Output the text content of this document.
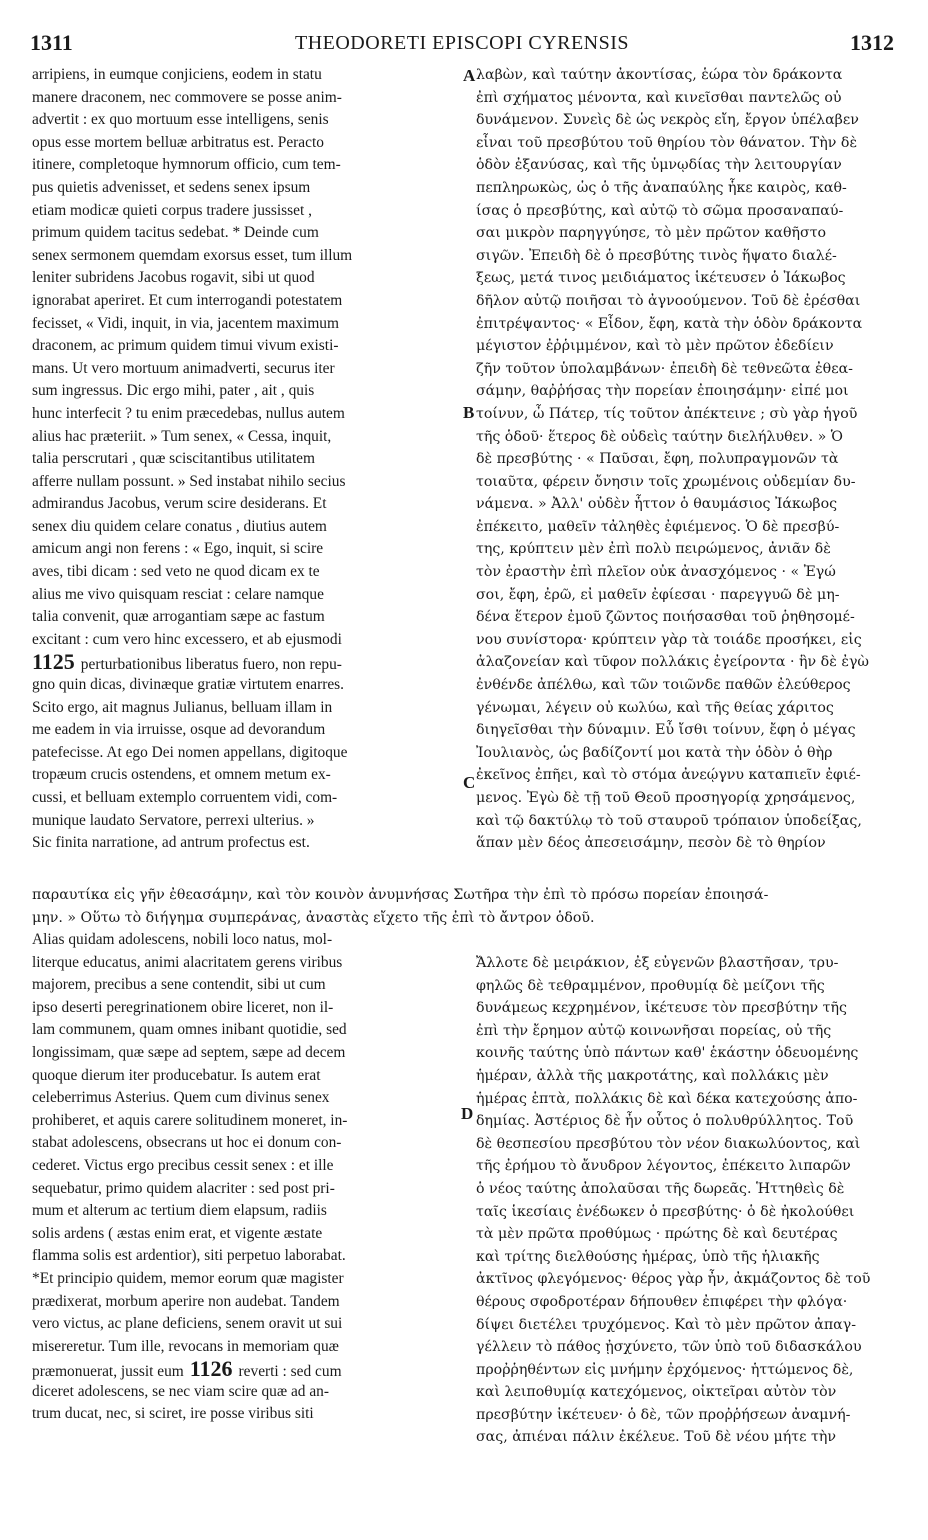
1311	THEODORETI EPISCOPI CYRENSIS	1312
A
B
C
D
arripiens, in eumque conjiciens, eodem in statu
manere draconem, nec commovere se posse anim-
advertit : ex quo mortuum esse intelligens, senis
opus esse mortem belluæ arbitratus est. Peracto
itinere, completoque hymnorum officio, cum tem-
pus quietis advenisset, et sedens senex ipsum
etiam modicæ quieti corpus tradere jussisset ,
primum quidem tacitus sedebat. * Deinde cum
senex sermonem quemdam exorsus esset, tum illum
leniter subridens Jacobus rogavit, sibi ut quod
ignorabat aperiret. Et cum interrogandi potestatem
fecisset, « Vidi, inquit, in via, jacentem maximum
draconem, ac primum quidem timui vivum existi-
mans. Ut vero mortuum animadverti, securus iter
sum ingressus. Dic ergo mihi, pater , ait , quis
hunc interfecit ? tu enim præcedebas, nullus autem
alius hac præteriit. » Tum senex, « Cessa, inquit,
talia perscrutari , quæ sciscitantibus utilitatem
afferre nullam possunt. » Sed instabat nihilo secius
admirandus Jacobus, verum scire desiderans. Et
senex diu quidem celare conatus , diutius autem
amicum angi non ferens : « Ego, inquit, si scire
aves, tibi dicam : sed veto ne quod dicam ex te
alius me vivo quisquam resciat : celare namque
talia convenit, quæ arrogantiam sæpe ac fastum
excitant : cum vero hinc excessero, et ab ejusmodi
1125 perturbationibus liberatus fuero, non repu-
gno quin dicas, divinæque gratiæ virtutem enarres.
Scito ergo, ait magnus Julianus, belluam illam in
me eadem in via irruisse, osque ad devorandum
patefecisse. At ego Dei nomen appellans, digitoque
tropæum crucis ostendens, et omnem metum ex-
cussi, et belluam extemplo corruentem vidi, com-
munique laudato Servatore, perrexi ulterius. »
Sic finita narratione, ad antrum profectus est.
λαβὼν, καὶ ταύτην ἀκοντίσας, ἑώρα τὸν δράκοντα
ἐπὶ σχήματος μένοντα, καὶ κινεῖσθαι παντελῶς οὐ
δυνάμενον. Συνεὶς δὲ ὡς νεκρὸς εἴη, ἔργον ὑπέλαβεν
εἶναι τοῦ πρεσβύτου τοῦ θηρίου τὸν θάνατον. Τὴν δὲ
ὁδὸν ἐξανύσας, καὶ τῆς ὑμνῳδίας τὴν λειτουργίαν
πεπληρωκὼς, ὡς ὁ τῆς ἀναπαύλης ἧκε καιρὸς, καθ-
ίσας ὁ πρεσβύτης, καὶ αὐτῷ τὸ σῶμα προσαναπαύ-
σαι μικρὸν παρηγγύησε, τὸ μὲν πρῶτον καθῆστο
σιγῶν. Ἐπειδὴ δὲ ὁ πρεσβύτης τινὸς ἥψατο διαλέ-
ξεως, μετά τινος μειδιάματος ἱκέτευσεν ὁ Ἰάκωβος
δῆλον αὐτῷ ποιῆσαι τὸ ἀγνοούμενον. Τοῦ δὲ ἐρέσθαι
ἐπιτρέψαντος· « Εἶδον, ἔφη, κατὰ τὴν ὁδὸν δράκοντα
μέγιστον ἐῤῥιμμένον, καὶ τὸ μὲν πρῶτον ἐδεδίειν
ζῆν τοῦτον ὑπολαμβάνων· ἐπειδὴ δὲ τεθνεῶτα ἐθεα-
σάμην, θαῤῥήσας τὴν πορείαν ἐποιησάμην· εἰπέ μοι
τοίνυν, ὦ Πάτερ, τίς τοῦτον ἀπέκτεινε ; σὺ γὰρ ἡγοῦ
τῆς ὁδοῦ· ἕτερος δὲ οὐδεὶς ταύτην διελήλυθεν. » Ὁ
δὲ πρεσβύτης · « Παῦσαι, ἔφη, πολυπραγμονῶν τὰ
τοιαῦτα, φέρειν ὄνησιν τοῖς χρωμένοις οὐδεμίαν δυ-
νάμενα. » Ἀλλ' οὐδὲν ἧττον ὁ θαυμάσιος Ἰάκωβος
ἐπέκειτο, μαθεῖν τἀληθὲς ἐφιέμενος. Ὁ δὲ πρεσβύ-
της, κρύπτειν μὲν ἐπὶ πολὺ πειρώμενος, ἀνιᾶν δὲ
τὸν ἐραστὴν ἐπὶ πλεῖον οὐκ ἀνασχόμενος · « Ἐγώ
σοι, ἔφη, ἐρῶ, εἰ μαθεῖν ἐφίεσαι · παρεγγυῶ δὲ μη-
δένα ἕτερον ἐμοῦ ζῶντος ποιήσασθαι τοῦ ῥηθησομέ-
νου συνίστορα· κρύπτειν γὰρ τὰ τοιάδε προσήκει, εἰς
ἀλαζονείαν καὶ τῦφον πολλάκις ἐγείροντα · ἣν δὲ ἐγὼ
ἐνθένδε ἀπέλθω, καὶ τῶν τοιῶνδε παθῶν ἐλεύθερος
γένωμαι, λέγειν οὐ κωλύω, καὶ τῆς θείας χάριτος
διηγεῖσθαι τὴν δύναμιν. Εὖ ἴσθι τοίνυν, ἔφη ὁ μέγας
Ἰουλιανὸς, ὡς βαδίζοντί μοι κατὰ τὴν ὁδὸν ὁ θὴρ
ἐκεῖνος ἐπῆει, καὶ τὸ στόμα ἀνεῴγνυ καταπιεῖν ἐφιέ-
μενος. Ἐγὼ δὲ τῇ τοῦ Θεοῦ προσηγορίᾳ χρησάμενος,
καὶ τῷ δακτύλῳ τὸ τοῦ σταυροῦ τρόπαιον ὑποδείξας,
ἅπαν μὲν δέος ἀπεσεισάμην, πεσὸν δὲ τὸ θηρίον
παραυτίκα εἰς γῆν ἐθεασάμην, καὶ τὸν κοινὸν ἀνυμνήσας Σωτῆρα τὴν ἐπὶ τὸ πρόσω πορείαν ἐποιησά-
μην. » Οὕτω τὸ διήγημα συμπεράνας, ἀναστὰς εἴχετο τῆς ἐπὶ τὸ ἄντρον ὁδοῦ.
Alias quidam adolescens, nobili loco natus, mol-
literque educatus, animi alacritatem gerens viribus
majorem, precibus a sene contendit, sibi ut cum
ipso deserti peregrinationem obire liceret, non il-
lam communem, quam omnes inibant quotidie, sed
longissimam, quæ sæpe ad septem, sæpe ad decem
quoque dierum iter producebatur. Is autem erat
celeberrimus Asterius. Quem cum divinus senex
prohiberet, et aquis carere solitudinem moneret, in-
stabat adolescens, obsecrans ut hoc ei donum con-
cederet. Victus ergo precibus cessit senex : et ille
sequebatur, primo quidem alacriter : sed post pri-
mum et alterum ac tertium diem elapsum, radiis
solis ardens ( æstas enim erat, et vigente æstate
flamma solis est ardentior), siti perpetuo laborabat.
*Et principio quidem, memor eorum quæ magister
prædixerat, morbum aperire non audebat. Tandem
vero victus, ac plane deficiens, senem oravit ut sui
misereretur. Tum ille, revocans in memoriam quæ
præmonuerat, jussit eum 1126 reverti : sed cum
diceret adolescens, se nec viam scire quæ ad an-
trum ducat, nec, si sciret, ire posse viribus siti
Ἄλλοτε δὲ μειράκιον, ἐξ εὐγενῶν βλαστῆσαν, τρυ-
φηλῶς δὲ τεθραμμένον, προθυμίᾳ δὲ μείζονι τῆς
δυνάμεως κεχρημένον, ἱκέτευσε τὸν πρεσβύτην τῆς
ἐπὶ τὴν ἔρημον αὐτῷ κοινωνῆσαι πορείας, οὐ τῆς
κοινῆς ταύτης ὑπὸ πάντων καθ' ἑκάστην ὁδευομένης
ἡμέραν, ἀλλὰ τῆς μακροτάτης, καὶ πολλάκις μὲν
ἡμέρας ἑπτὰ, πολλάκις δὲ καὶ δέκα κατεχούσης ἀπο-
δημίας. Ἀστέριος δὲ ἦν οὗτος ὁ πολυθρύλλητος. Τοῦ
δὲ θεσπεσίου πρεσβύτου τὸν νέον διακωλύοντος, καὶ
τῆς ἐρήμου τὸ ἄνυδρον λέγοντος, ἐπέκειτο λιπαρῶν
ὁ νέος ταύτης ἀπολαῦσαι τῆς δωρεᾶς. Ἡττηθεὶς δὲ
ταῖς ἱκεσίαις ἐνέδωκεν ὁ πρεσβύτης· ὁ δὲ ἠκολούθει
τὰ μὲν πρῶτα προθύμως · πρώτης δὲ καὶ δευτέρας
καὶ τρίτης διελθούσης ἡμέρας, ὑπὸ τῆς ἡλιακῆς
ἀκτῖνος φλεγόμενος· θέρος γὰρ ἦν, ἀκμάζοντος δὲ τοῦ
θέρους σφοδροτέραν δήπουθεν ἐπιφέρει τὴν φλόγα·
δίψει διετέλει τρυχόμενος. Καὶ τὸ μὲν πρῶτον ἀπαγ-
γέλλειν τὸ πάθος ᾐσχύνετο, τῶν ὑπὸ τοῦ διδασκάλου
προῤῥηθέντων εἰς μνήμην ἐρχόμενος· ἡττώμενος δὲ,
καὶ λειποθυμίᾳ κατεχόμενος, οἰκτεῖραι αὐτὸν τὸν
πρεσβύτην ἱκέτευεν· ὁ δὲ, τῶν προῤῥήσεων ἀναμνή-
σας, ἀπιέναι πάλιν ἐκέλευε. Τοῦ δὲ νέου μήτε τὴν
